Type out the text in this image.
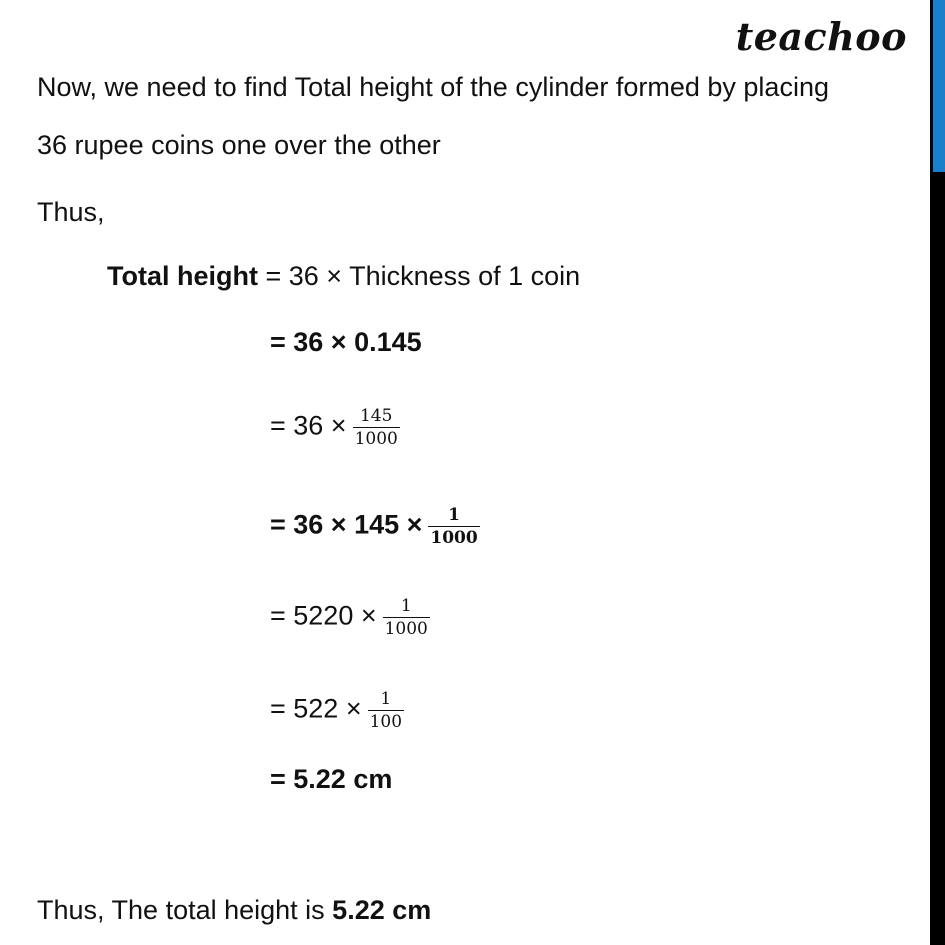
teachoo
Now, we need to find Total height of the cylinder formed by placing
36 rupee coins one over the other
Thus,
Total height = 36 × Thickness of 1 coin
= 36 × 0.145
= $36 \times \frac{145}{1000}$
= $36 \times 145 \times \frac{1}{1000}$
= $5220 \times \frac{1}{1000}$
= $522 \times \frac{1}{100}$
= 5.22 cm
Thus, The total height is 5.22 cm
